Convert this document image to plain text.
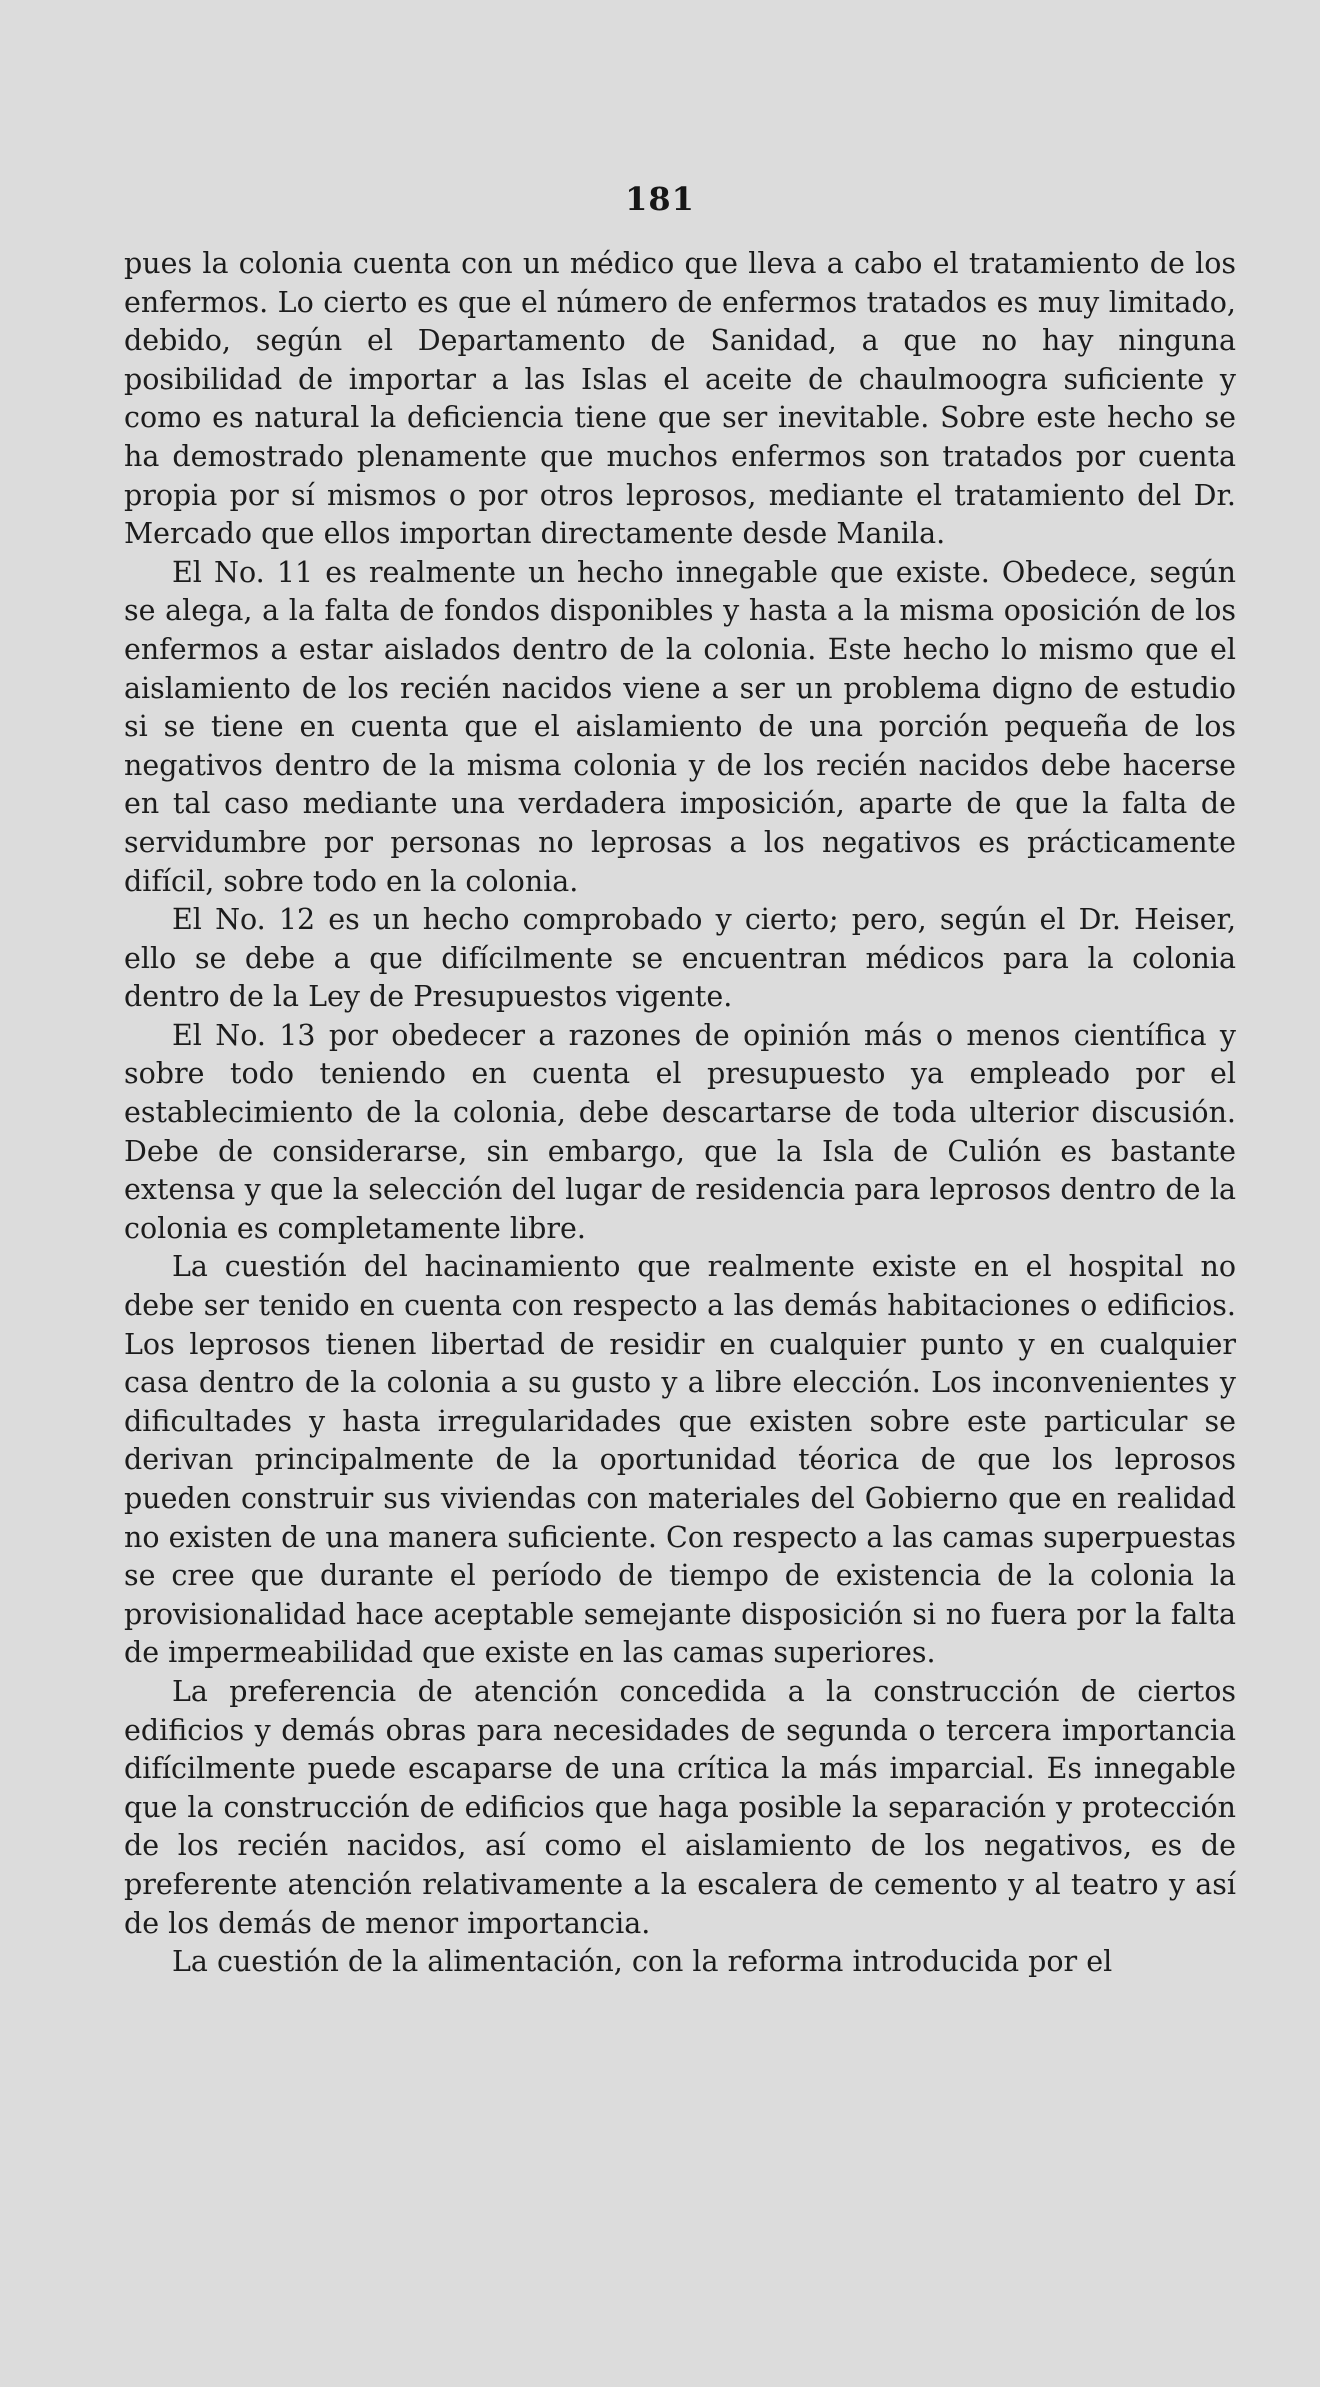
181

pues la colonia cuenta con un médico que lleva a cabo el tratamiento de los enfermos. Lo cierto es que el número de enfermos tratados es muy limitado, debido, según el Departamento de Sanidad, a que no hay ninguna posibilidad de importar a las Islas el aceite de chaulmoogra suficiente y como es natural la deficiencia tiene que ser inevitable. Sobre este hecho se ha demostrado plenamente que muchos enfermos son tratados por cuenta propia por sí mismos o por otros leprosos, mediante el tratamiento del Dr. Mercado que ellos importan directamente desde Manila.

El No. 11 es realmente un hecho innegable que existe. Obedece, según se alega, a la falta de fondos disponibles y hasta a la misma oposición de los enfermos a estar aislados dentro de la colonia. Este hecho lo mismo que el aislamiento de los recién nacidos viene a ser un problema digno de estudio si se tiene en cuenta que el aislamiento de una porción pequeña de los negativos dentro de la misma colonia y de los recién nacidos debe hacerse en tal caso mediante una verdadera imposición, aparte de que la falta de servidumbre por personas no leprosas a los negativos es prácticamente difícil, sobre todo en la colonia.

El No. 12 es un hecho comprobado y cierto; pero, según el Dr. Heiser, ello se debe a que difícilmente se encuentran médicos para la colonia dentro de la Ley de Presupuestos vigente.

El No. 13 por obedecer a razones de opinión más o menos científica y sobre todo teniendo en cuenta el presupuesto ya empleado por el establecimiento de la colonia, debe descartarse de toda ulterior discusión. Debe de considerarse, sin embargo, que la Isla de Culión es bastante extensa y que la selección del lugar de residencia para leprosos dentro de la colonia es completamente libre.

La cuestión del hacinamiento que realmente existe en el hospital no debe ser tenido en cuenta con respecto a las demás habitaciones o edificios. Los leprosos tienen libertad de residir en cualquier punto y en cualquier casa dentro de la colonia a su gusto y a libre elección. Los inconvenientes y dificultades y hasta irregularidades que existen sobre este particular se derivan principalmente de la oportunidad téorica de que los leprosos pueden construir sus viviendas con materiales del Gobierno que en realidad no existen de una manera suficiente. Con respecto a las camas superpuestas se cree que durante el período de tiempo de existencia de la colonia la provisionalidad hace aceptable semejante disposición si no fuera por la falta de impermeabilidad que existe en las camas superiores.

La preferencia de atención concedida a la construcción de ciertos edificios y demás obras para necesidades de segunda o tercera importancia difícilmente puede escaparse de una crítica la más imparcial. Es innegable que la construcción de edificios que haga posible la separación y protección de los recién nacidos, así como el aislamiento de los negativos, es de preferente atención relativamente a la escalera de cemento y al teatro y así de los demás de menor importancia.

La cuestión de la alimentación, con la reforma introducida por el
